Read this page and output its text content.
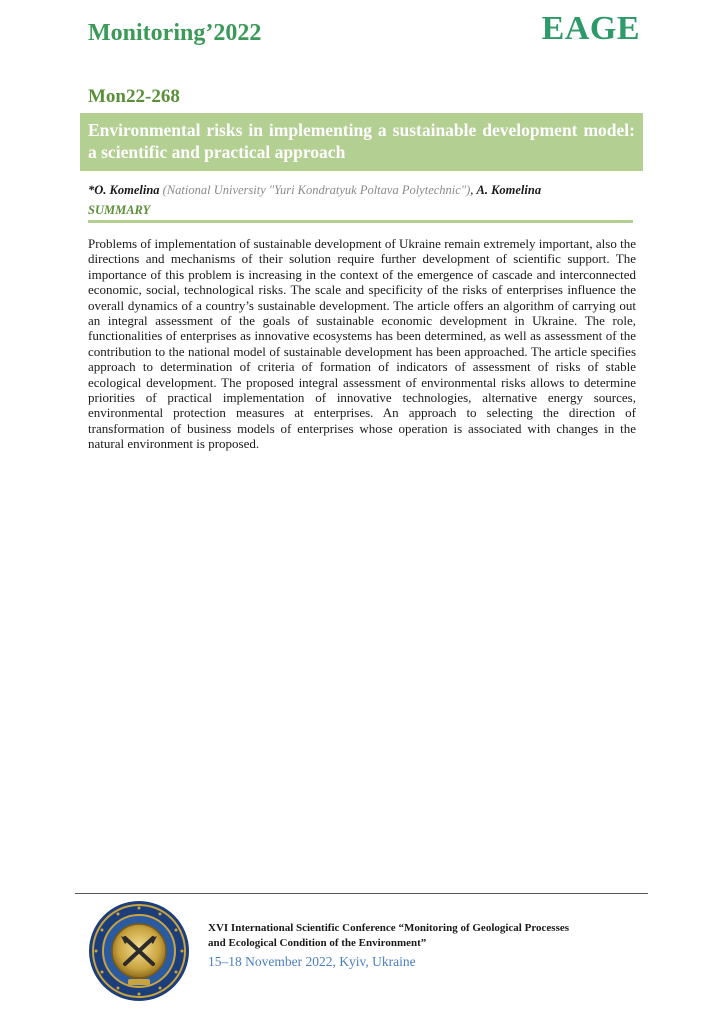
Monitoring’2022	EAGE
Mon22-268
Environmental risks in implementing a sustainable development model: a scientific and practical approach
*O. Komelina (National University "Yuri Kondratyuk Poltava Polytechnic"), A. Komelina
SUMMARY

Problems of implementation of sustainable development of Ukraine remain extremely important, also the directions and mechanisms of their solution require further development of scientific support. The importance of this problem is increasing in the context of the emergence of cascade and interconnected economic, social, technological risks. The scale and specificity of the risks of enterprises influence the overall dynamics of a country’s sustainable development. The article offers an algorithm of carrying out an integral assessment of the goals of sustainable economic development in Ukraine. The role, functionalities of enterprises as innovative ecosystems has been determined, as well as assessment of the contribution to the national model of sustainable development has been approached. The article specifies approach to determination of criteria of formation of indicators of assessment of risks of stable ecological development. The proposed integral assessment of environmental risks allows to determine priorities of practical implementation of innovative technologies, alternative energy sources, environmental protection measures at enterprises. An approach to selecting the direction of transformation of business models of enterprises whose operation is associated with changes in the natural environment is proposed.

XVI International Scientific Conference “Monitoring of Geological Processes
and Ecological Condition of the Environment”
15–18 November 2022, Kyiv, Ukraine
